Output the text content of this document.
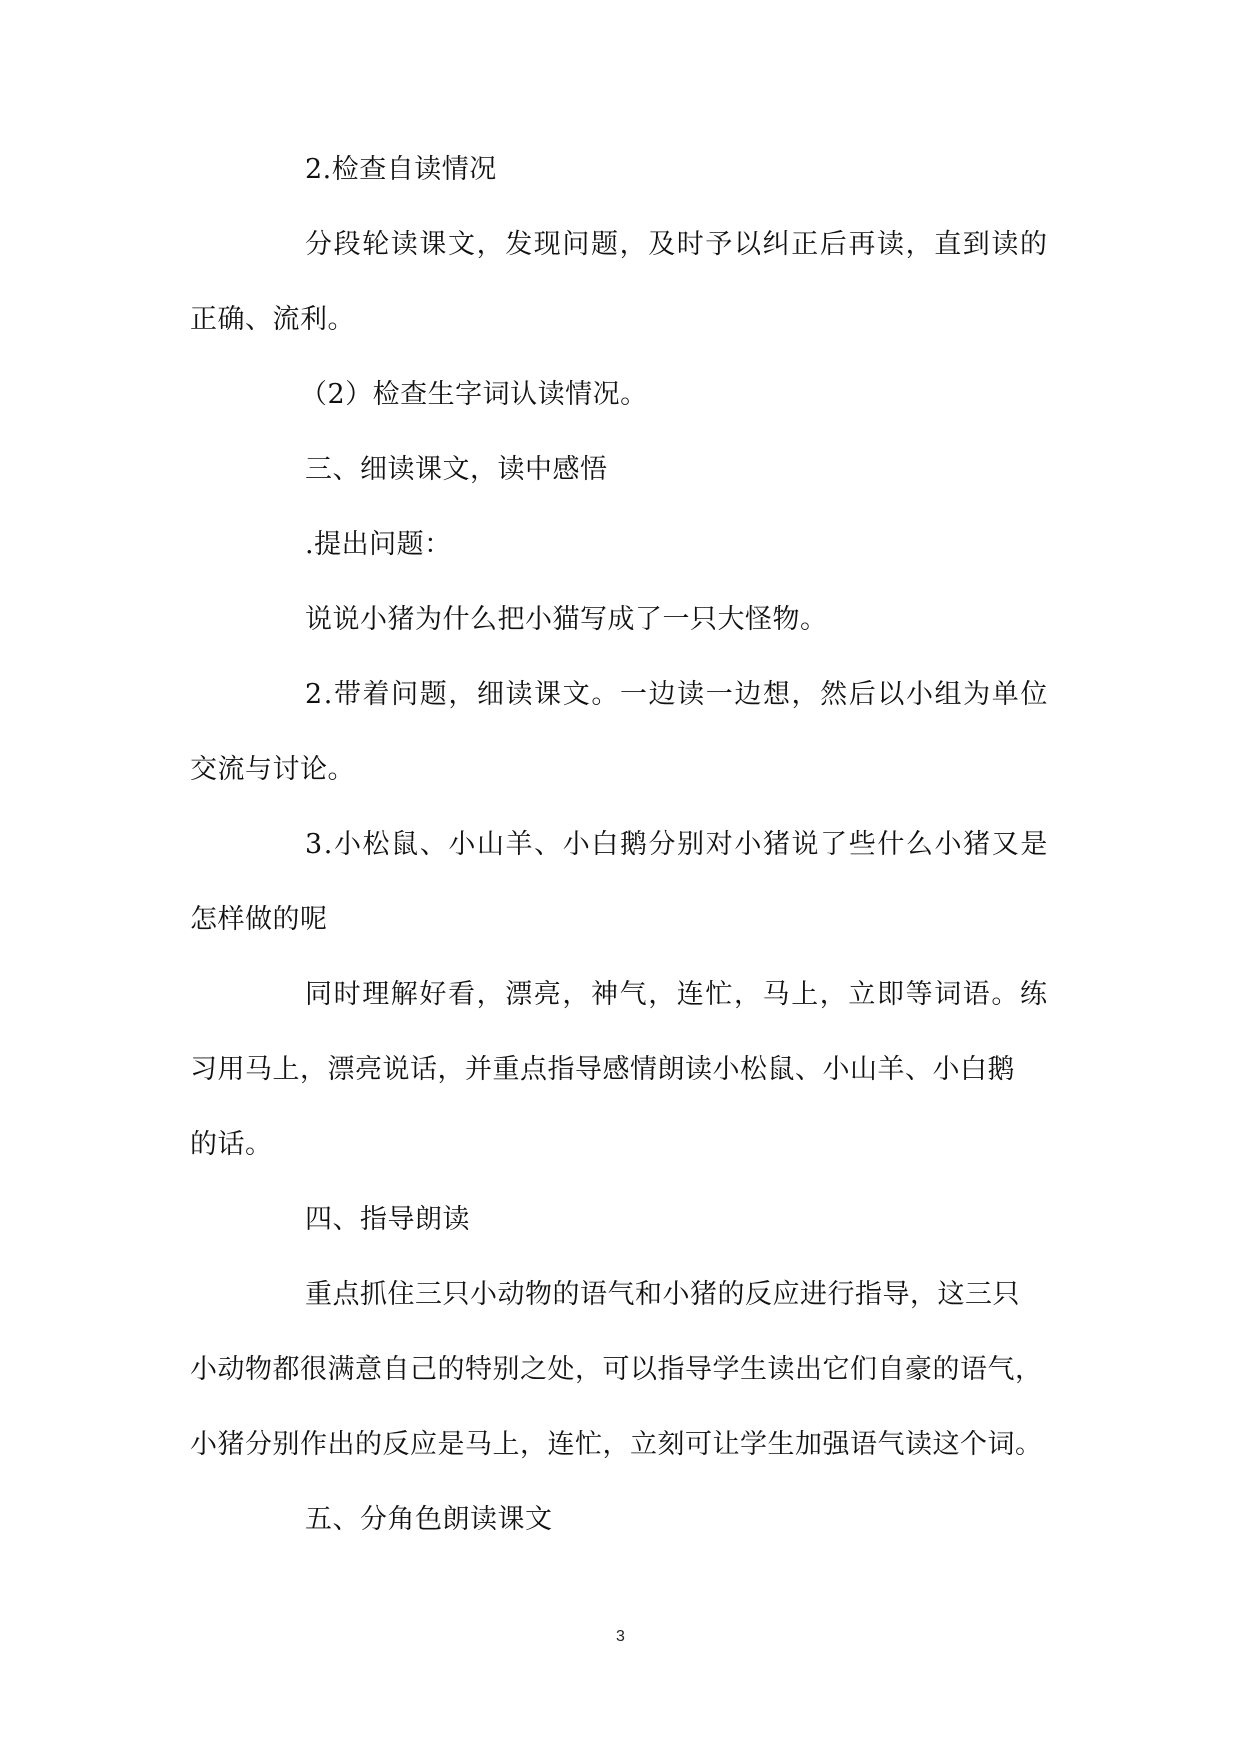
2.检查自读情况
分段轮读课文，发现问题，及时予以纠正后再读，直到读的
正确、流利。
（2）检查生字词认读情况。
三、细读课文，读中感悟
.提出问题：
说说小猪为什么把小猫写成了一只大怪物。
2.带着问题，细读课文。一边读一边想，然后以小组为单位
交流与讨论。
3.小松鼠、小山羊、小白鹅分别对小猪说了些什么小猪又是
怎样做的呢
同时理解好看，漂亮，神气，连忙，马上，立即等词语。练
习用马上，漂亮说话，并重点指导感情朗读小松鼠、小山羊、小白鹅
的话。
四、指导朗读
重点抓住三只小动物的语气和小猪的反应进行指导，这三只
小动物都很满意自己的特别之处，可以指导学生读出它们自豪的语气，
小猪分别作出的反应是马上，连忙，立刻可让学生加强语气读这个词。
五、分角色朗读课文
3
